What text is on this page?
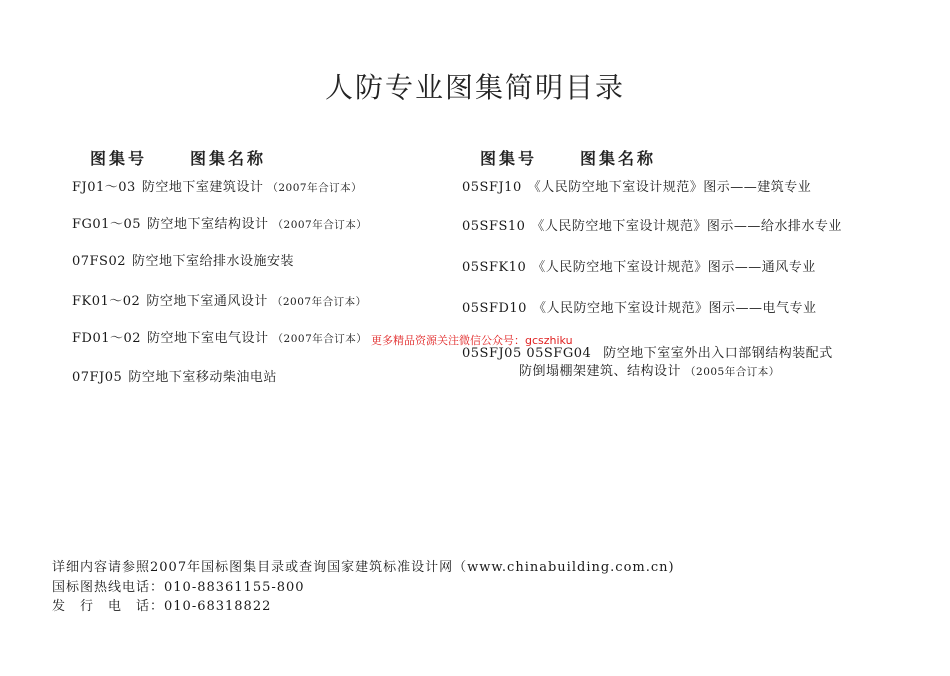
人防专业图集简明目录
图集号	图集名称
FJ01～03 防空地下室建筑设计 （2007年合订本）
FG01～05 防空地下室结构设计 （2007年合订本）
07FS02 防空地下室给排水设施安装
FK01～02 防空地下室通风设计 （2007年合订本）
FD01～02 防空地下室电气设计 （2007年合订本）
07FJ05 防空地下室移动柴油电站
图集号	图集名称
05SFJ10 《人民防空地下室设计规范》图示——建筑专业
05SFS10 《人民防空地下室设计规范》图示——给水排水专业
05SFK10 《人民防空地下室设计规范》图示——通风专业
05SFD10 《人民防空地下室设计规范》图示——电气专业
05SFJ05 05SFG04 防空地下室室外出入口部钢结构装配式
防倒塌棚架建筑、结构设计 （2005年合订本）
更多精品资源关注微信公众号：gcszhiku
详细内容请参照2007年国标图集目录或查询国家建筑标准设计网（www.chinabuilding.com.cn)
国标图热线电话：010-88361155-800
发　行　电　话：010-68318822
